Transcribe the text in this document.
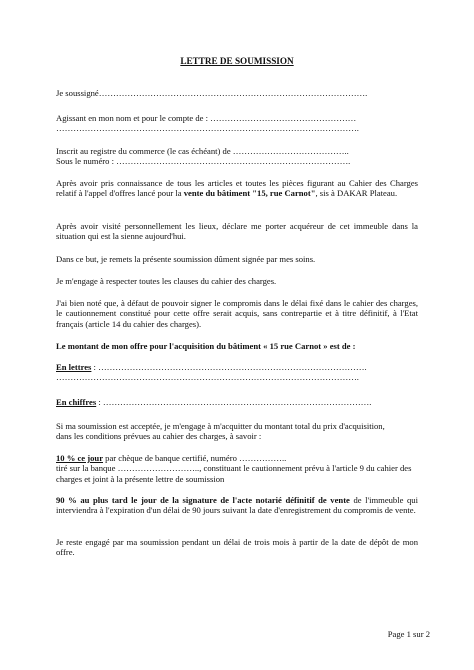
LETTRE DE SOUMISSION

Je soussigné………………………………………………………………………………….

Agissant en mon nom et pour le compte de : ……………………………………………
…………………………………………………………………………………………….
Inscrit au registre du commerce (le cas échéant) de …………………………………..
Sous le numéro : ……………………………………………………………………….

Après avoir pris connaissance de tous les articles et toutes les pièces figurant au Cahier des Charges relatif à l'appel d'offres lancé pour la vente du bâtiment "15, rue Carnot", sis à DAKAR Plateau.

Après avoir visité personnellement les lieux, déclare me porter acquéreur de cet immeuble dans la situation qui est la sienne aujourd'hui.

Dans ce but, je remets la présente soumission dûment signée par mes soins.

Je m'engage à respecter toutes les clauses du cahier des charges.

J'ai bien noté que, à défaut de pouvoir signer le compromis dans le délai fixé dans le cahier des charges, le cautionnement constitué pour cette offre serait acquis, sans contrepartie et à titre définitif, à l'Etat français (article 14 du cahier des charges).

Le montant de mon offre pour l'acquisition du bâtiment « 15 rue Carnot » est de :

En lettres : ………………………………………………………………………………….
…………………………………………………………………………………………….

En chiffres : ………………………………………………………………………………….

Si ma soumission est acceptée, je m'engage à m'acquitter du montant total du prix d'acquisition, dans les conditions prévues au cahier des charges, à savoir :

10 % ce jour par chèque de banque certifié, numéro ……………..
tiré sur la banque ……………………….., constituant le cautionnement prévu à l'article 9 du cahier des charges et joint à la présente lettre de soumission

90 % au plus tard le jour de la signature de l'acte notarié définitif de vente de l'immeuble qui interviendra à l'expiration d'un délai de 90 jours suivant la date d'enregistrement du compromis de vente.

Je reste engagé par ma soumission pendant un délai de trois mois à partir de la date de dépôt de mon offre.

Page 1 sur 2
